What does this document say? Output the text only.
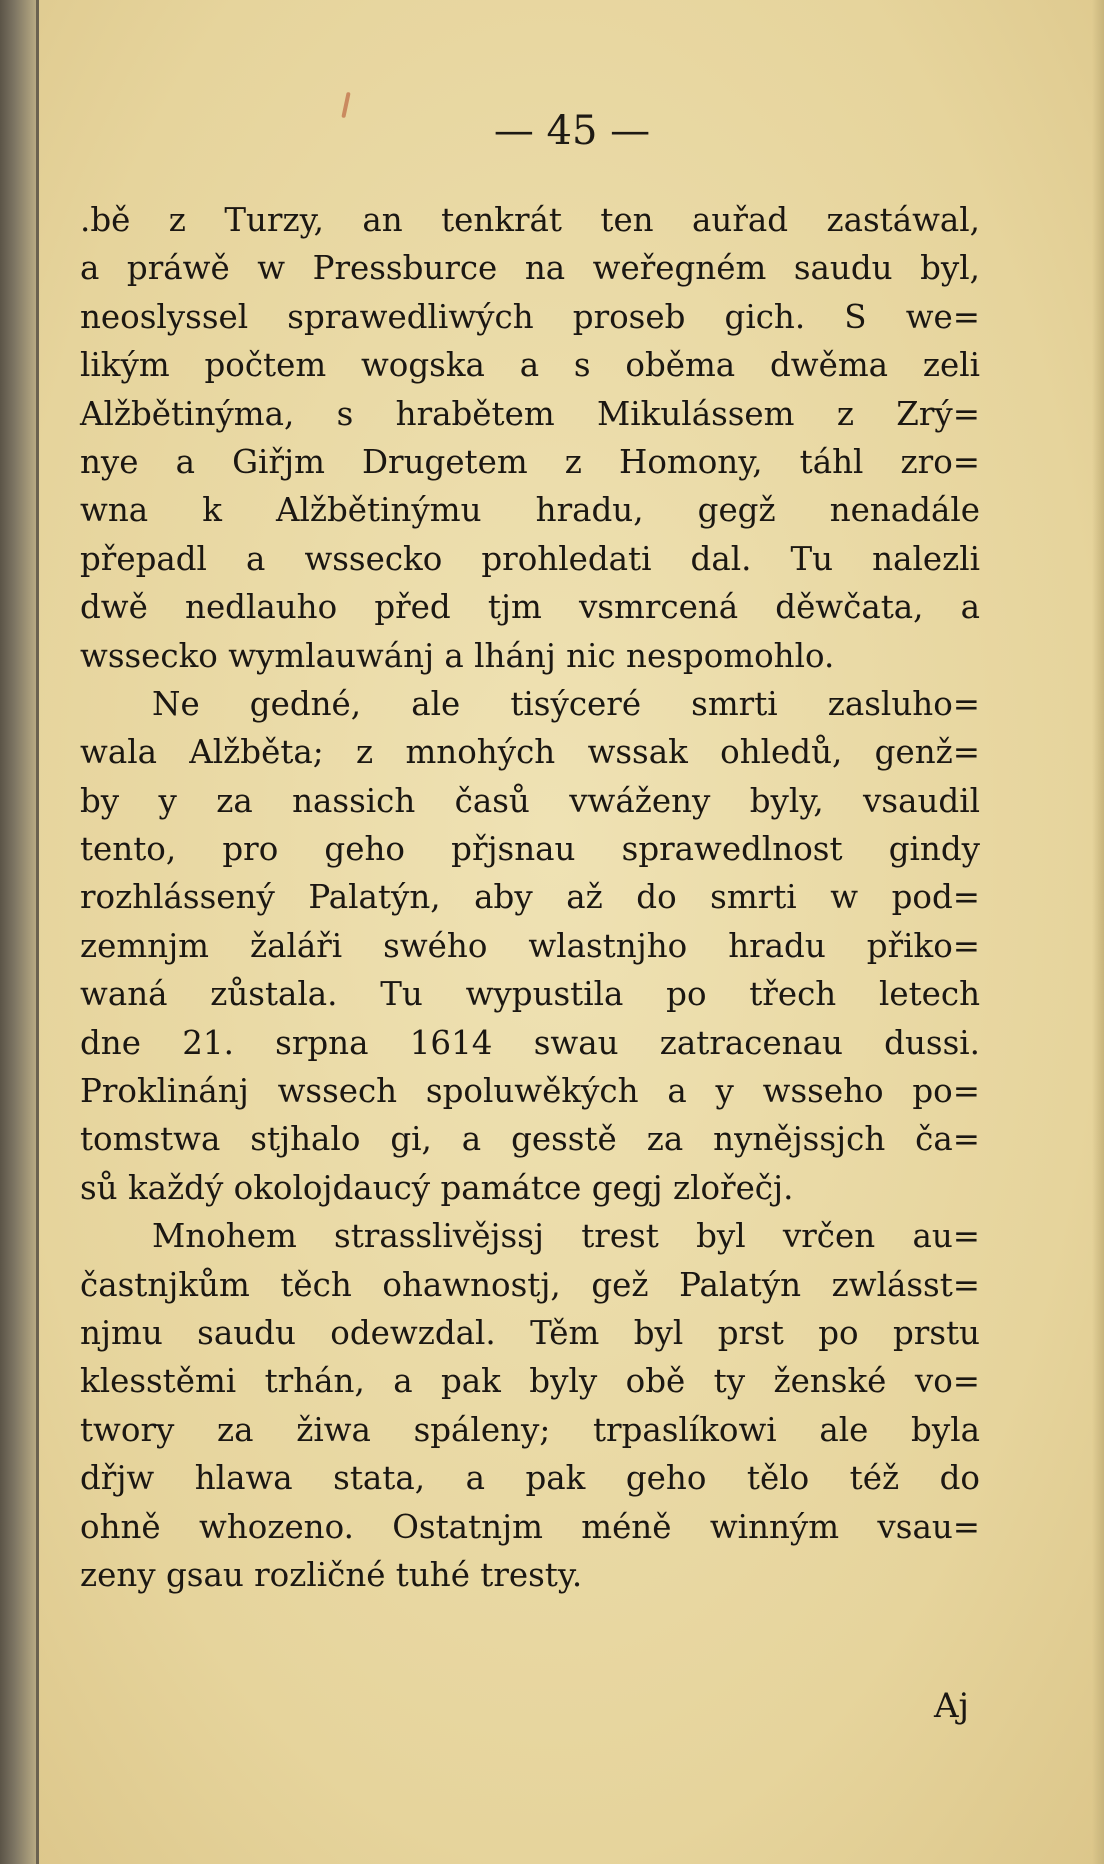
— 45 —

.bě z Turzy, an tenkrát ten auřad zastáwal,
a práwě w Pressburce na weřegném saudu byl,
neoslyssel sprawedliwých proseb gich. S we=
likým počtem wogska a s oběma dwěma zeli
Alžbětinýma, s hrabětem Mikulássem z Zrý=
nye a Giřjm Drugetem z Homony, táhl zro=
wna k Alžbětinýmu hradu, gegž nenadále
přepadl a wssecko prohledati dal. Tu nalezli
dwě nedlauho před tjm vsmrcená děwčata, a
wssecko wymlauwánj a lhánj nic nespomohlo.
Ne gedné, ale tisýceré smrti zasluho=
wala Alžběta; z mnohých wssak ohledů, genž=
by y za nassich časů vwáženy byly, vsaudil
tento, pro geho přjsnau sprawedlnost gindy
rozhlássený Palatýn, aby až do smrti w pod=
zemnjm žaláři swého wlastnjho hradu přiko=
waná zůstala. Tu wypustila po třech letech
dne 21. srpna 1614 swau zatracenau dussi.
Proklinánj wssech spoluwěkých a y wsseho po=
tomstwa stjhalo gi, a gesstě za nynějssjch ča=
sů každý okolojdaucý památce gegj zlořečj.
Mnohem strasslivějssj trest byl vrčen au=
častnjkům těch ohawnostj, gež Palatýn zwlásst=
njmu saudu odewzdal. Těm byl prst po prstu
klesstěmi trhán, a pak byly obě ty ženské vo=
twory za žiwa spáleny; trpaslíkowi ale byla
dřjw hlawa stata, a pak geho tělo též do
ohně whozeno. Ostatnjm méně winným vsau=
zeny gsau rozličné tuhé tresty.
Aj
